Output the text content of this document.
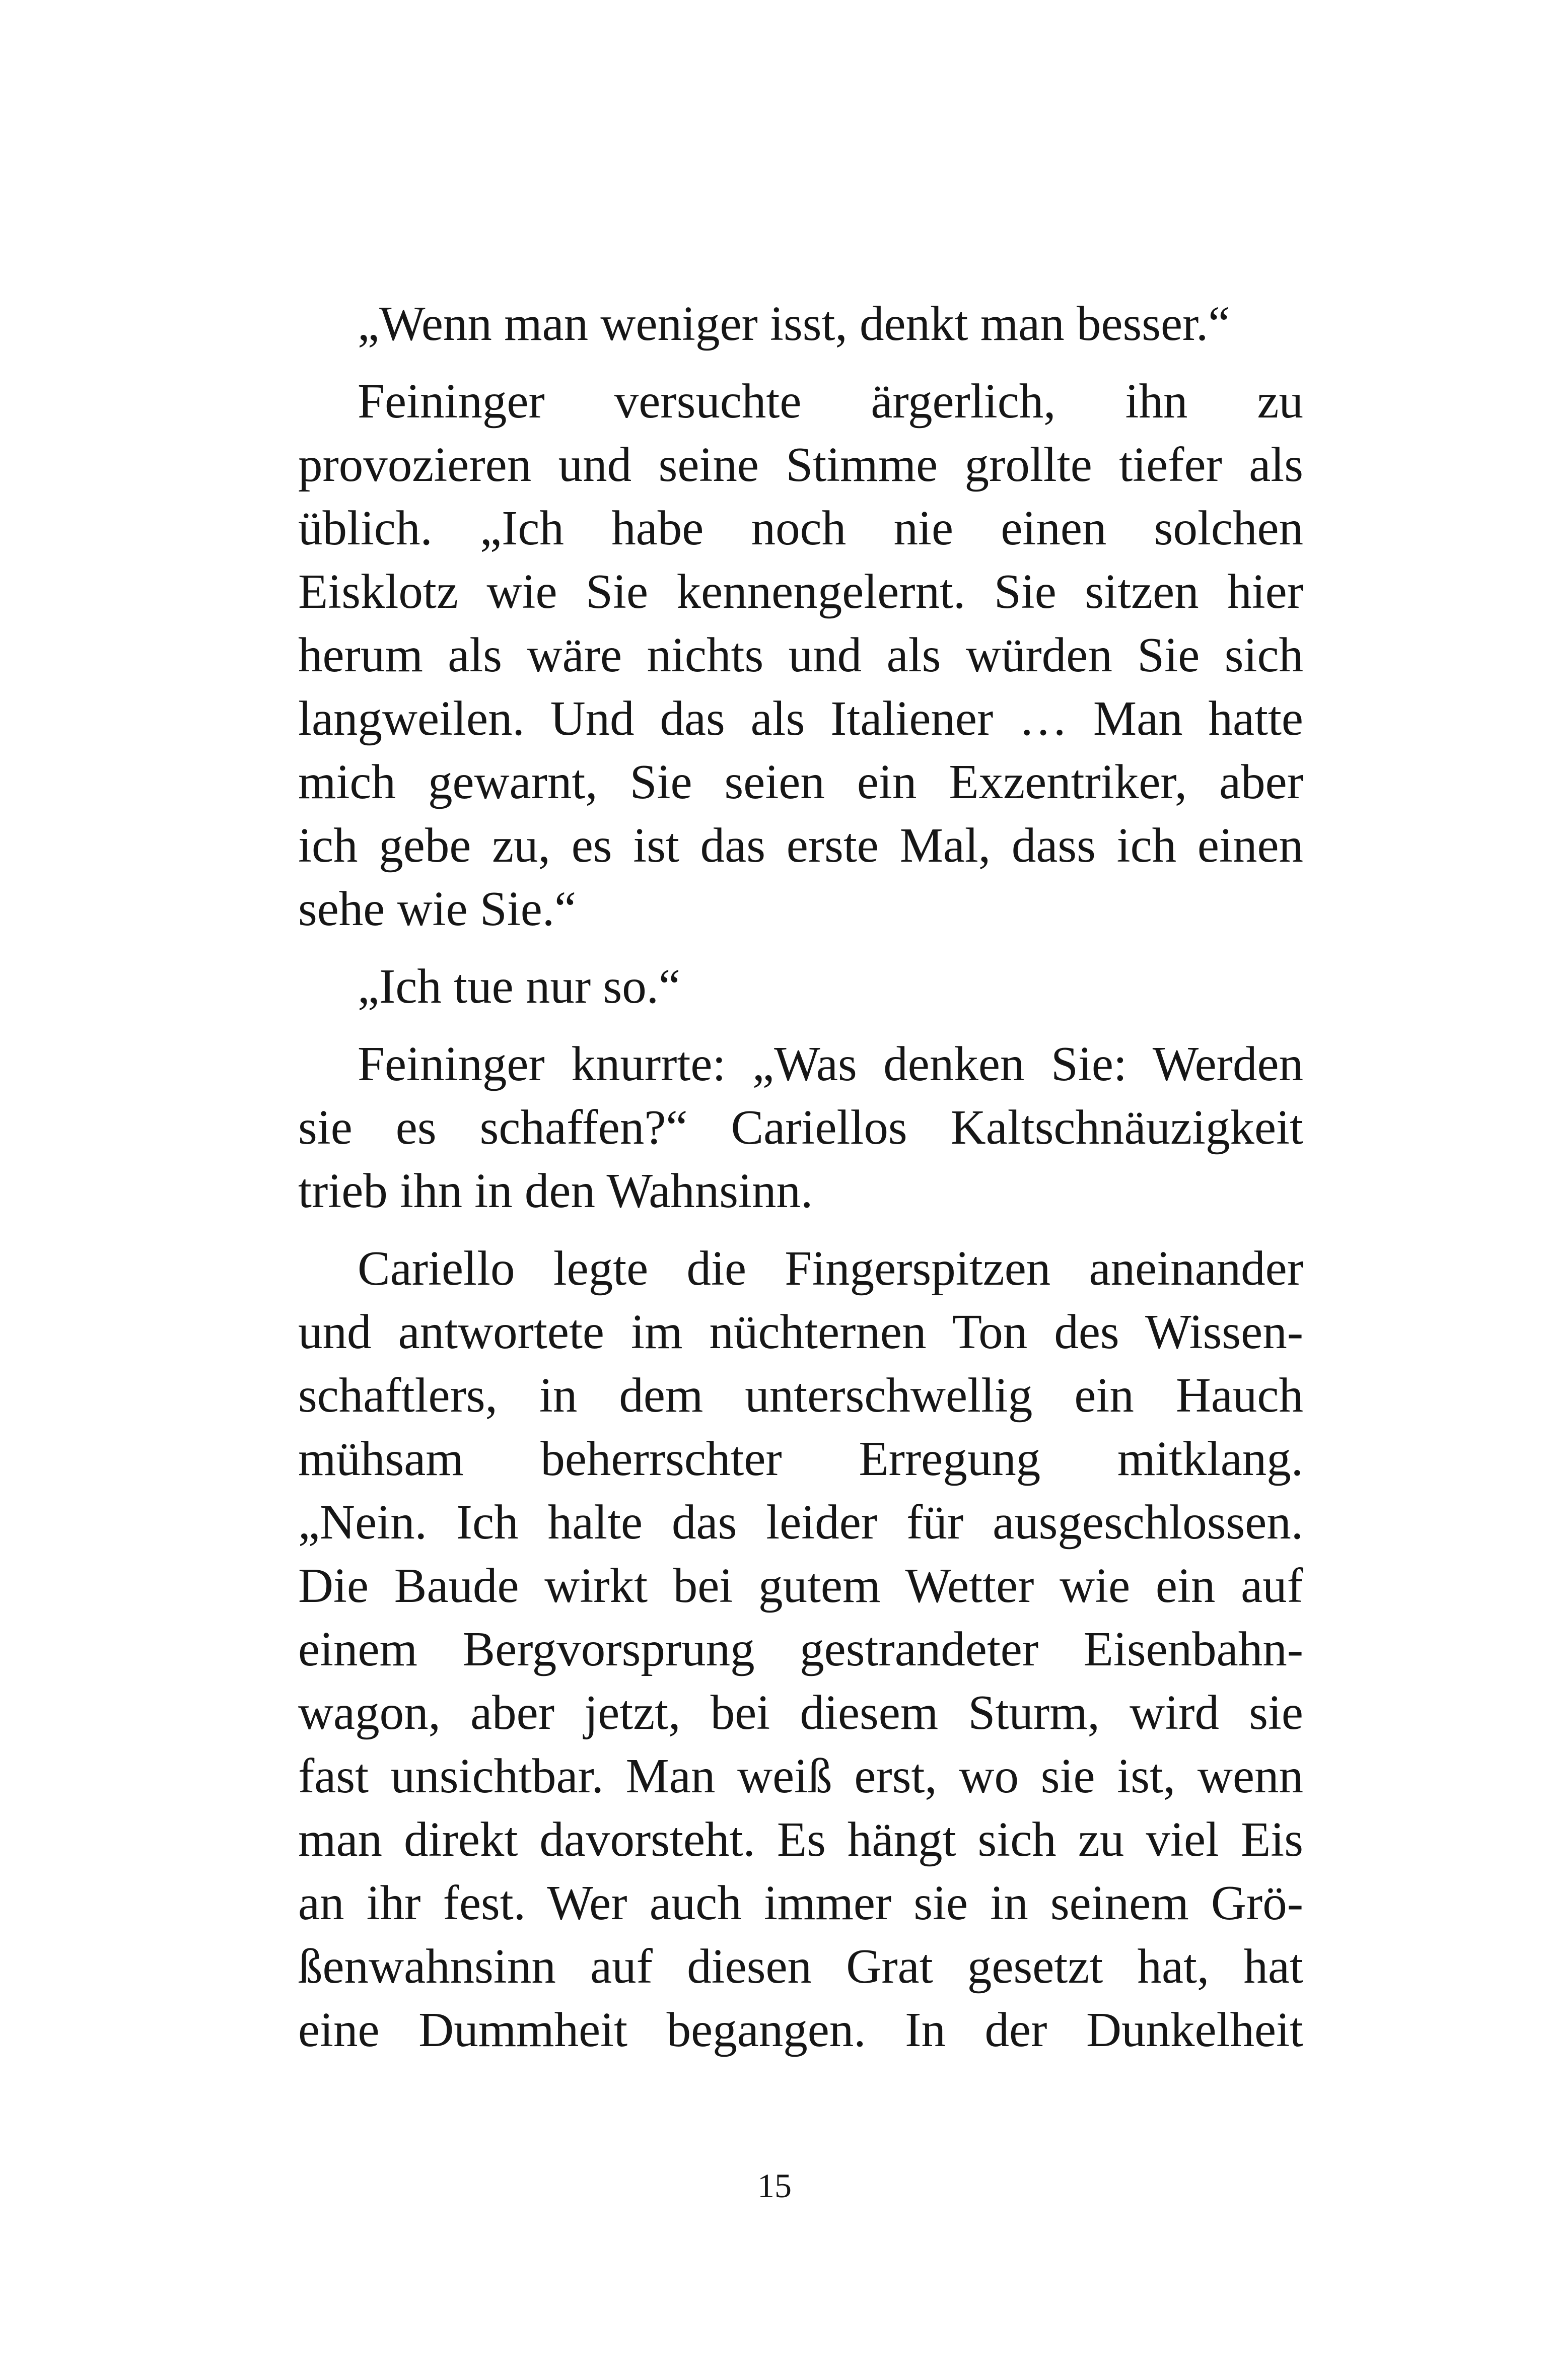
„Wenn man weniger isst, denkt man besser.“
Feininger versuchte ärgerlich, ihn zu
provozieren und seine Stimme grollte tiefer als
üblich. „Ich habe noch nie einen solchen
Eisklotz wie Sie kennengelernt. Sie sitzen hier
herum als wäre nichts und als würden Sie sich
langweilen. Und das als Italiener … Man hatte
mich gewarnt, Sie seien ein Exzentriker, aber
ich gebe zu, es ist das erste Mal, dass ich einen
sehe wie Sie.“
„Ich tue nur so.“
Feininger knurrte: „Was denken Sie: Werden
sie es schaffen?“ Cariellos Kaltschnäuzigkeit
trieb ihn in den Wahnsinn.
Cariello legte die Fingerspitzen aneinander
und antwortete im nüchternen Ton des Wissen-
schaftlers, in dem unterschwellig ein Hauch
mühsam beherrschter Erregung mitklang.
„Nein. Ich halte das leider für ausgeschlossen.
Die Baude wirkt bei gutem Wetter wie ein auf
einem Bergvorsprung gestrandeter Eisenbahn-
wagon, aber jetzt, bei diesem Sturm, wird sie
fast unsichtbar. Man weiß erst, wo sie ist, wenn
man direkt davorsteht. Es hängt sich zu viel Eis
an ihr fest. Wer auch immer sie in seinem Grö-
ßenwahnsinn auf diesen Grat gesetzt hat, hat
eine Dummheit begangen. In der Dunkelheit
15
